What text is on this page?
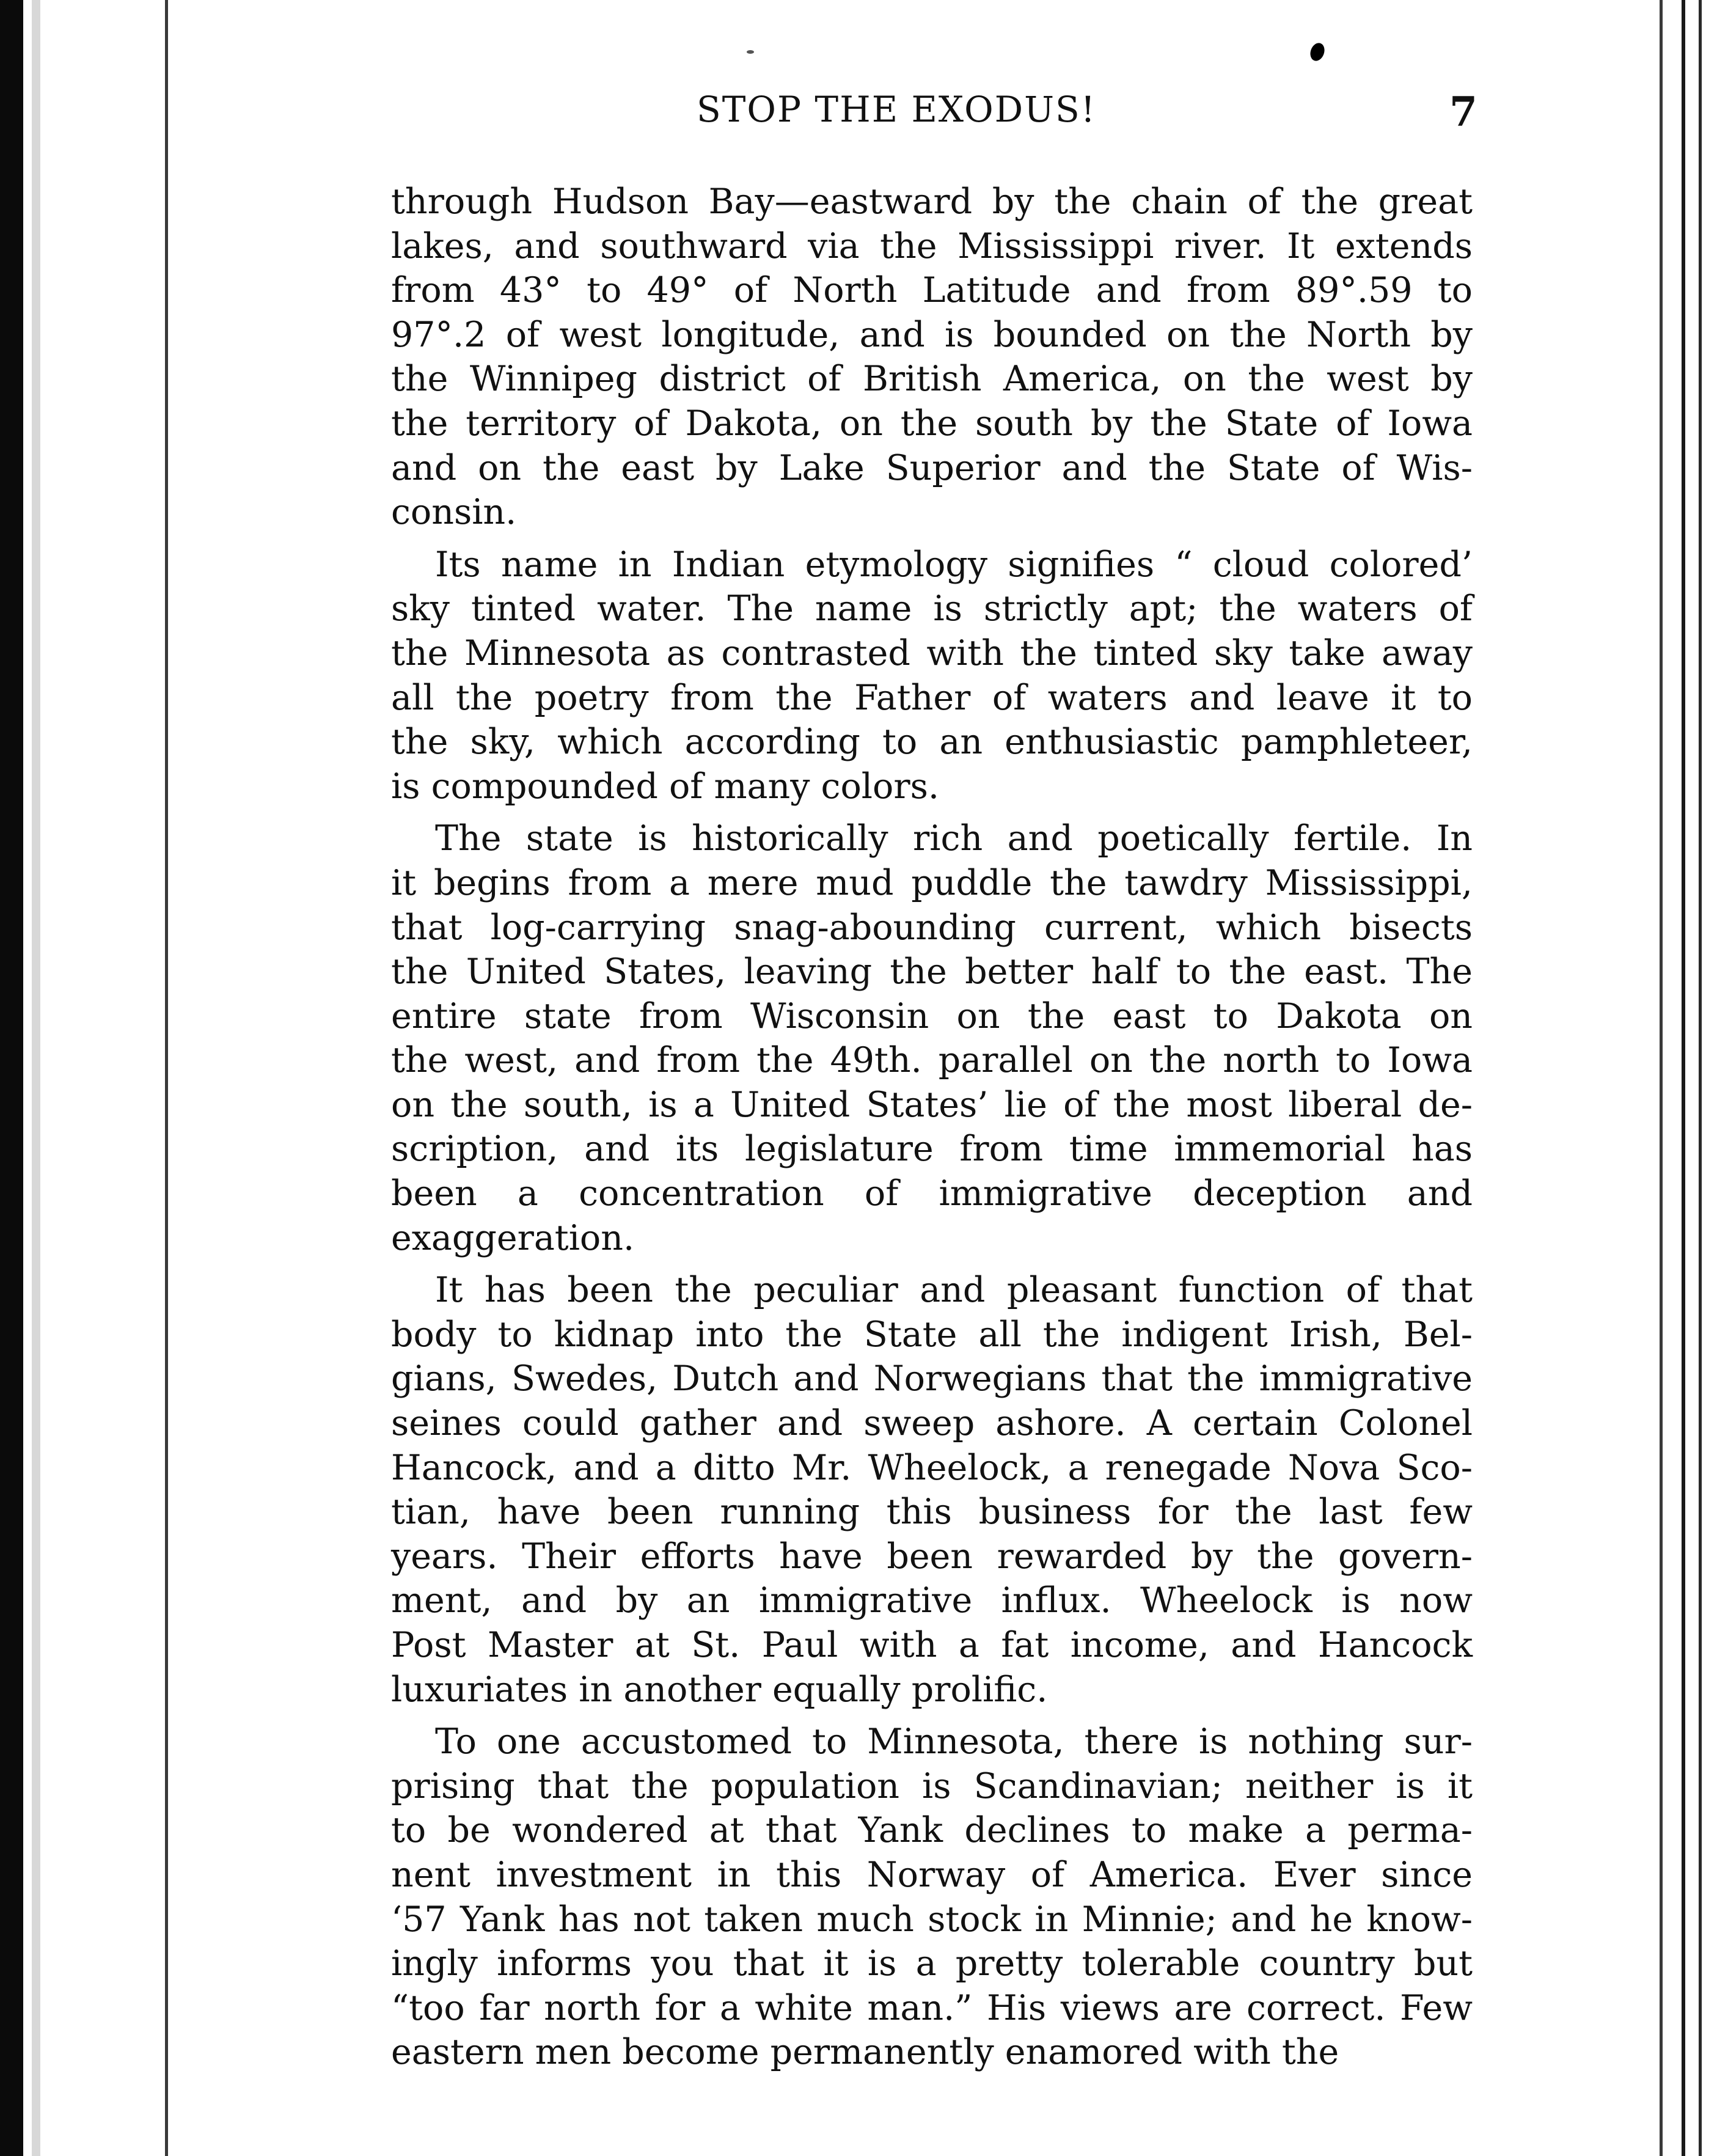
STOP THE EXODUS!	7
through Hudson Bay—eastward by the chain of the great
lakes, and southward via the Mississippi river. It extends
from 43° to 49° of North Latitude and from 89°.59 to
97°.2 of west longitude, and is bounded on the North by
the Winnipeg district of British America, on the west by
the territory of Dakota, on the south by the State of Iowa
and on the east by Lake Superior and the State of Wis-
consin.
Its name in Indian etymology signifies “ cloud colored’
sky tinted water. The name is strictly apt; the waters of
the Minnesota as contrasted with the tinted sky take away
all the poetry from the Father of waters and leave it to
the sky, which according to an enthusiastic pamphleteer,
is compounded of many colors.
The state is historically rich and poetically fertile. In
it begins from a mere mud puddle the tawdry Mississippi,
that log-carrying snag-abounding current, which bisects
the United States, leaving the better half to the east. The
entire state from Wisconsin on the east to Dakota on
the west, and from the 49th. parallel on the north to Iowa
on the south, is a United States’ lie of the most liberal de-
scription, and its legislature from time immemorial has
been a concentration of immigrative deception and
exaggeration.
It has been the peculiar and pleasant function of that
body to kidnap into the State all the indigent Irish, Bel-
gians, Swedes, Dutch and Norwegians that the immigrative
seines could gather and sweep ashore. A certain Colonel
Hancock, and a ditto Mr. Wheelock, a renegade Nova Sco-
tian, have been running this business for the last few
years. Their efforts have been rewarded by the govern-
ment, and by an immigrative influx. Wheelock is now
Post Master at St. Paul with a fat income, and Hancock
luxuriates in another equally prolific.
To one accustomed to Minnesota, there is nothing sur-
prising that the population is Scandinavian; neither is it
to be wondered at that Yank declines to make a perma-
nent investment in this Norway of America. Ever since
‘57 Yank has not taken much stock in Minnie; and he know-
ingly informs you that it is a pretty tolerable country but
“too far north for a white man.” His views are correct. Few
eastern men become permanently enamored with the
